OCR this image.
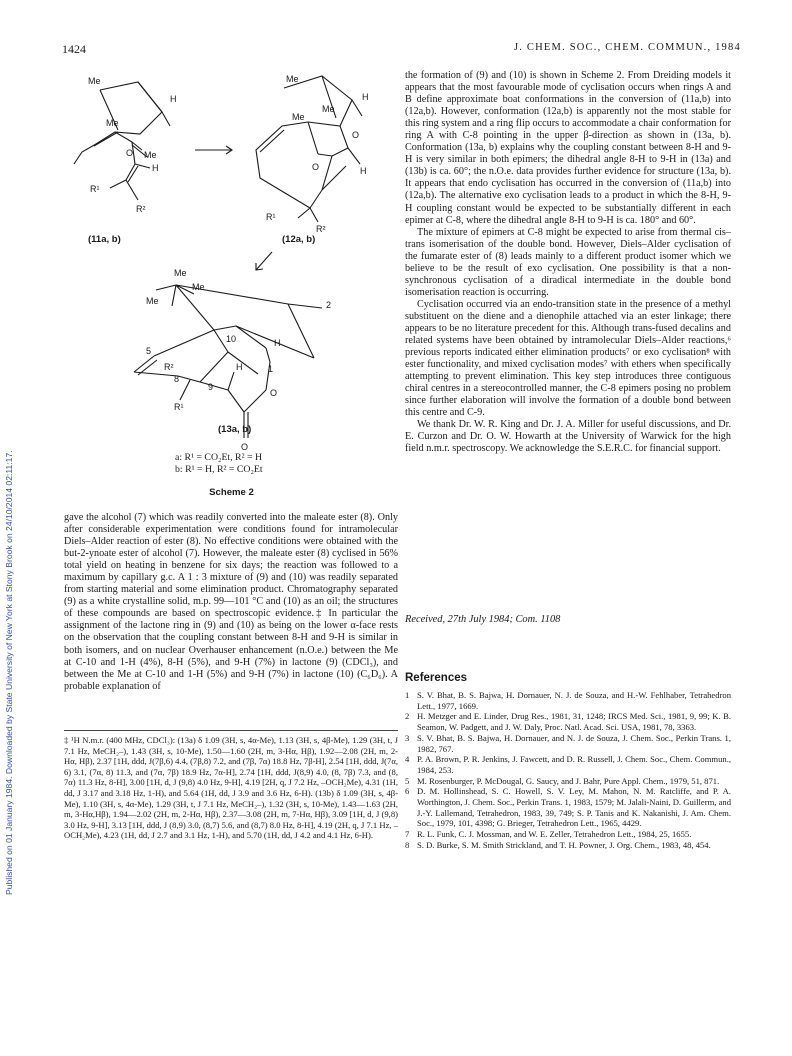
1424	J. CHEM. SOC., CHEM. COMMUN., 1984
Published on 01 January 1984. Downloaded by State University of New York at Stony Brook on 24/10/2014 02:11:17.
Me
H
Me
O Me
H
R¹
R²
(11a, b)
Me
H
Me
Me
O
O	H
R¹
R²
(12a, b)
Me
Me
Me	2
10	H
5
1
R²	H
8
9
O
R¹
O
(13a, b)
a: R¹ = CO₂Et, R² = H
b: R¹ = H, R² = CO₂Et
Scheme 2

gave the alcohol (7) which was readily converted into the maleate ester (8). Only after considerable experimentation were conditions found for intramolecular Diels–Alder reaction of ester (8). No effective conditions were obtained with the but-2-ynoate ester of alcohol (7). However, the maleate ester (8) cyclised in 56% total yield on heating in benzene for six days; the reaction was followed to a maximum by capillary g.c. A 1 : 3 mixture of (9) and (10) was readily separated from starting material and some elimination product. Chromatography separated (9) as a white crystalline solid, m.p. 99—101 °C and (10) as an oil; the structures of these compounds are based on spectroscopic evidence.‡ In particular the assignment of the lactone ring in (9) and (10) as being on the lower α-face rests on the observation that the coupling constant between 8-H and 9-H is similar in both isomers, and on nuclear Overhauser enhancement (n.O.e.) between the Me at C-10 and 1-H (4%), 8-H (5%), and 9-H (7%) in lactone (9) (CDCl₃), and between the Me at C-10 and 1-H (5%) and 9-H (7%) in lactone (10) (C₆D₆). A probable explanation of

‡ ¹H N.m.r. (400 MHz, CDCl₃): (13a) δ 1.09 (3H, s, 4α-Me), 1.13 (3H, s, 4β-Me), 1.29 (3H, t, J 7.1 Hz, MeCH₂–), 1.43 (3H, s, 10-Me), 1.50—1.60 (2H, m, 3-Hα, Hβ), 1.92—2.08 (2H, m, 2-Hα, Hβ), 2.37 [1H, ddd, J(7β,6) 4.4, (7β,8) 7.2, and (7β, 7α) 18.8 Hz, 7β-H], 2.54 [1H, ddd, J(7α, 6) 3.1, (7α, 8) 11.3, and (7α, 7β) 18.9 Hz, 7α-H], 2.74 [1H, ddd, J(8,9) 4.0, (8, 7β) 7.3, and (8, 7α) 11.3 Hz, 8-H], 3.00 [1H, d, J (9,8) 4.0 Hz, 9-H], 4.19 [2H, q, J 7.2 Hz, –OCH₂Me), 4.31 (1H, dd, J 3.17 and 3.18 Hz, 1-H), and 5.64 (1H, dd, J 3.9 and 3.6 Hz, 6-H). (13b) δ 1.09 (3H, s, 4β-Me), 1.10 (3H, s, 4α-Me), 1.29 (3H, t, J 7.1 Hz, MeCH₂–), 1.32 (3H, s, 10-Me), 1.43—1.63 (2H, m, 3-Hα,Hβ), 1.94—2.02 (2H, m, 2-Hα, Hβ), 2.37—3.08 (2H, m, 7-Hα, Hβ), 3.09 [1H, d, J (9,8) 3.0 Hz, 9-H], 3.13 [1H, ddd, J (8,9) 3.0, (8,7) 5.6, and (8,7) 8.0 Hz, 8-H], 4.19 (2H, q, J 7.1 Hz, –OCH₂Me), 4.23 (1H, dd, J 2.7 and 3.1 Hz, 1-H), and 5.70 (1H, dd, J 4.2 and 4.1 Hz, 6-H).

the formation of (9) and (10) is shown in Scheme 2. From Dreiding models it appears that the most favourable mode of cyclisation occurs when rings A and B define approximate boat conformations in the conversion of (11a,b) into (12a,b). However, conformation (12a,b) is apparently not the most stable for this ring system and a ring flip occurs to accommodate a chair conformation for ring A with C-8 pointing in the upper β-direction as shown in (13a, b). Conformation (13a, b) explains why the coupling constant between 8-H and 9-H is very similar in both epimers; the dihedral angle 8-H to 9-H in (13a) and (13b) is ca. 60°; the n.O.e. data provides further evidence for structure (13a, b). It appears that endo cyclisation has occurred in the conversion of (11a,b) into (12a,b). The alternative exo cyclisation leads to a product in which the 8-H, 9-H coupling constant would be expected to be substantially different in each epimer at C-8, where the dihedral angle 8-H to 9-H is ca. 180° and 60°.

The mixture of epimers at C-8 might be expected to arise from thermal cis–trans isomerisation of the double bond. However, Diels–Alder cyclisation of the fumarate ester of (8) leads mainly to a different product isomer which we believe to be the result of exo cyclisation. One possibility is that a non-synchronous cyclisation of a diradical intermediate in the double bond isomerisation reaction is occurring.

Cyclisation occurred via an endo-transition state in the presence of a methyl substituent on the diene and a dienophile attached via an ester linkage; there appears to be no literature precedent for this. Although trans-fused decalins and related systems have been obtained by intramolecular Diels–Alder reactions,⁶ previous reports indicated either elimination products⁷ or exo cyclisation⁸ with ester functionality, and mixed cyclisation modes⁷ with ethers when specifically attempting to prevent elimination. This key step introduces three contiguous chiral centres in a stereocontrolled manner, the C-8 epimers posing no problem since further elaboration will involve the formation of a double bond between this centre and C-9.

We thank Dr. W. R. King and Dr. J. A. Miller for useful discussions, and Dr. E. Curzon and Dr. O. W. Howarth at the University of Warwick for the high field n.m.r. spectroscopy. We acknowledge the S.E.R.C. for financial support.

Received, 27th July 1984; Com. 1108
References
1 S. V. Bhat, B. S. Bajwa, H. Dornauer, N. J. de Souza, and H.-W. Fehlhaber, Tetrahedron Lett., 1977, 1669.
2 H. Metzger and E. Linder, Drug Res., 1981, 31, 1248; IRCS Med. Sci., 1981, 9, 99; K. B. Seamon, W. Padgett, and J. W. Daly, Proc. Natl. Acad. Sci. USA, 1981, 78, 3363.
3 S. V. Bhat, B. S. Bajwa, H. Dornauer, and N. J. de Souza, J. Chem. Soc., Perkin Trans. 1, 1982, 767.
4 P. A. Brown, P. R. Jenkins, J. Fawcett, and D. R. Russell, J. Chem. Soc., Chem. Commun., 1984, 253.
5 M. Rosenburger, P. McDougal, G. Saucy, and J. Bahr, Pure Appl. Chem., 1979, 51, 871.
6 D. M. Hollinshead, S. C. Howell, S. V. Ley, M. Mahon, N. M. Ratcliffe, and P. A. Worthington, J. Chem. Soc., Perkin Trans. 1, 1983, 1579; M. Jalali-Naini, D. Guillerm, and J.-Y. Lallemand, Tetrahedron, 1983, 39, 749; S. P. Tanis and K. Nakanishi, J. Am. Chem. Soc., 1979, 101, 4398; G. Brieger, Tetrahedron Lett., 1965, 4429.
7 R. L. Funk, C. J. Mossman, and W. E. Zeller, Tetrahedron Lett., 1984, 25, 1655.
8 S. D. Burke, S. M. Smith Strickland, and T. H. Powner, J. Org. Chem., 1983, 48, 454.
